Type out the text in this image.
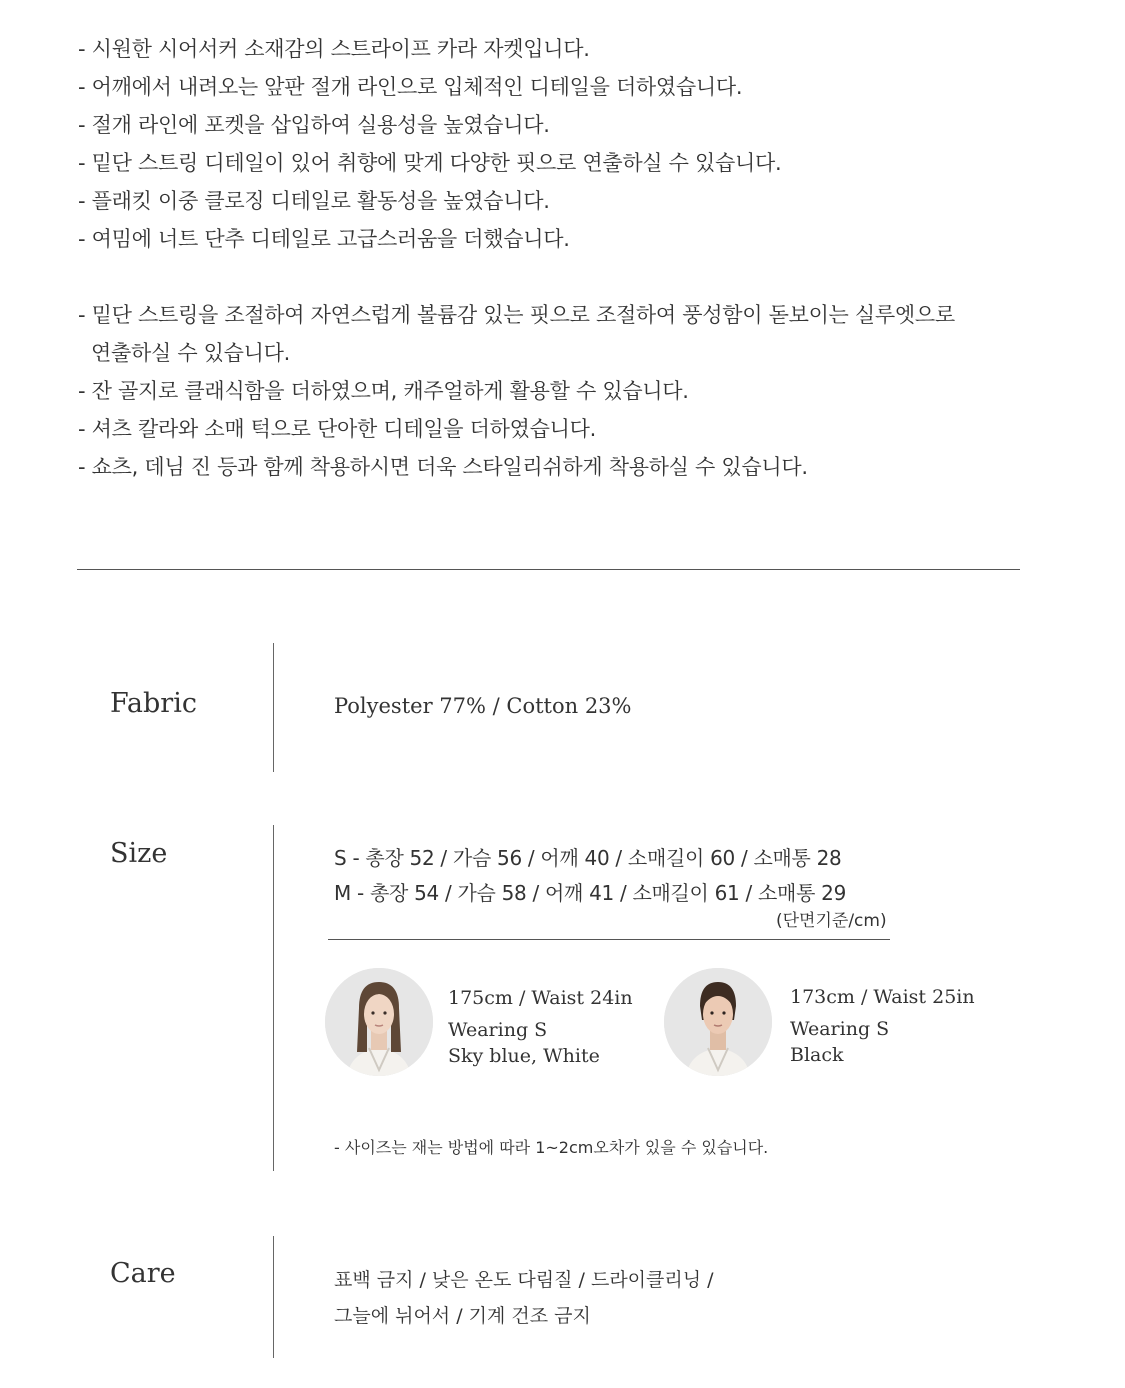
- 시원한 시어서커 소재감의 스트라이프 카라 자켓입니다.
- 어깨에서 내려오는 앞판 절개 라인으로 입체적인 디테일을 더하였습니다.
- 절개 라인에 포켓을 삽입하여 실용성을 높였습니다.
- 밑단 스트링 디테일이 있어 취향에 맞게 다양한 핏으로 연출하실 수 있습니다.
- 플래킷 이중 클로징 디테일로 활동성을 높였습니다.
- 여밈에 너트 단추 디테일로 고급스러움을 더했습니다.
- 밑단 스트링을 조절하여 자연스럽게 볼륨감 있는 핏으로 조절하여 풍성함이 돋보이는 실루엣으로
연출하실 수 있습니다.
- 잔 골지로 클래식함을 더하였으며, 캐주얼하게 활용할 수 있습니다.
- 셔츠 칼라와 소매 턱으로 단아한 디테일을 더하였습니다.
- 쇼츠, 데님 진 등과 함께 착용하시면 더욱 스타일리쉬하게 착용하실 수 있습니다.
Fabric	Polyester 77% / Cotton 23%
Size	S - 총장 52 / 가슴 56 / 어깨 40 / 소매길이 60 / 소매통 28
M - 총장 54 / 가슴 58 / 어깨 41 / 소매길이 61 / 소매통 29
(단면기준/cm)
175cm / Waist 24in
Wearing S
Sky blue, White
173cm / Waist 25in
Wearing S
Black
- 사이즈는 재는 방법에 따라 1~2cm오차가 있을 수 있습니다.
Care	표백 금지 / 낮은 온도 다림질 / 드라이클리닝 /
그늘에 뉘어서 / 기계 건조 금지
